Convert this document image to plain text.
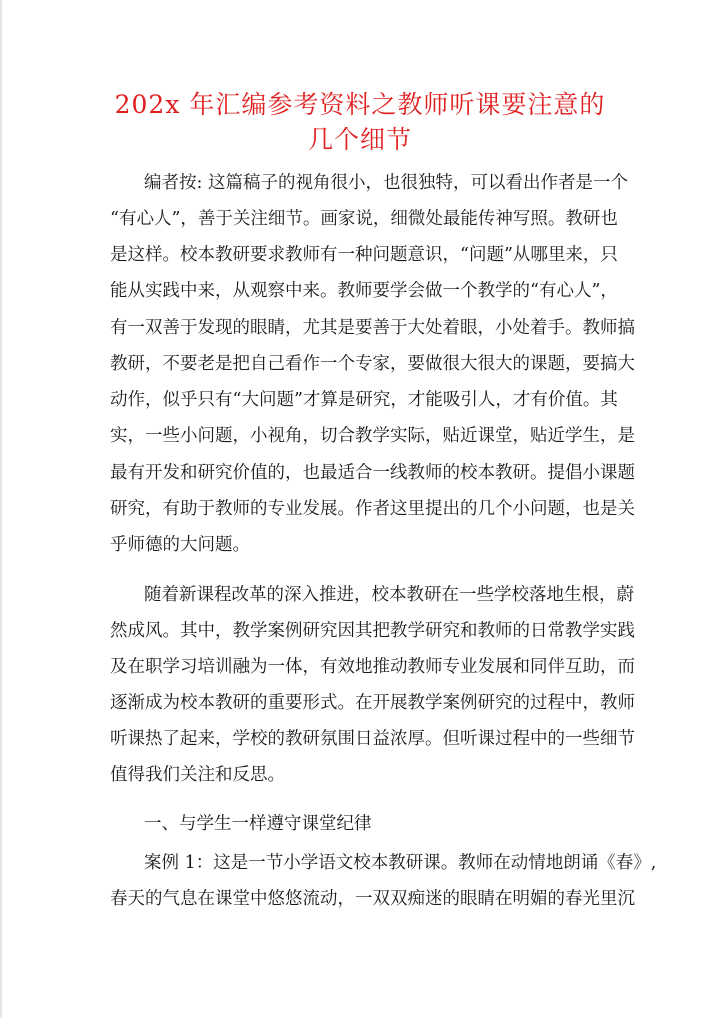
202x 年汇编参考资料之教师听课要注意的
几个细节
编者按: 这篇稿子的视角很小，也很独特，可以看出作者是一个
“有心人”，善于关注细节。画家说，细微处最能传神写照。教研也
是这样。校本教研要求教师有一种问题意识，“问题”从哪里来，只
能从实践中来，从观察中来。教师要学会做一个教学的“有心人”，
有一双善于发现的眼睛，尤其是要善于大处着眼，小处着手。教师搞
教研，不要老是把自己看作一个专家，要做很大很大的课题，要搞大
动作，似乎只有“大问题”才算是研究，才能吸引人，才有价值。其
实，一些小问题，小视角，切合教学实际，贴近课堂，贴近学生，是
最有开发和研究价值的，也最适合一线教师的校本教研。提倡小课题
研究，有助于教师的专业发展。作者这里提出的几个小问题，也是关
乎师德的大问题。
随着新课程改革的深入推进，校本教研在一些学校落地生根，蔚
然成风。其中，教学案例研究因其把教学研究和教师的日常教学实践
及在职学习培训融为一体，有效地推动教师专业发展和同伴互助，而
逐渐成为校本教研的重要形式。在开展教学案例研究的过程中，教师
听课热了起来，学校的教研氛围日益浓厚。但听课过程中的一些细节
值得我们关注和反思。
一、与学生一样遵守课堂纪律
案例 1：这是一节小学语文校本教研课。教师在动情地朗诵《春》,
春天的气息在课堂中悠悠流动，一双双痴迷的眼睛在明媚的春光里沉
